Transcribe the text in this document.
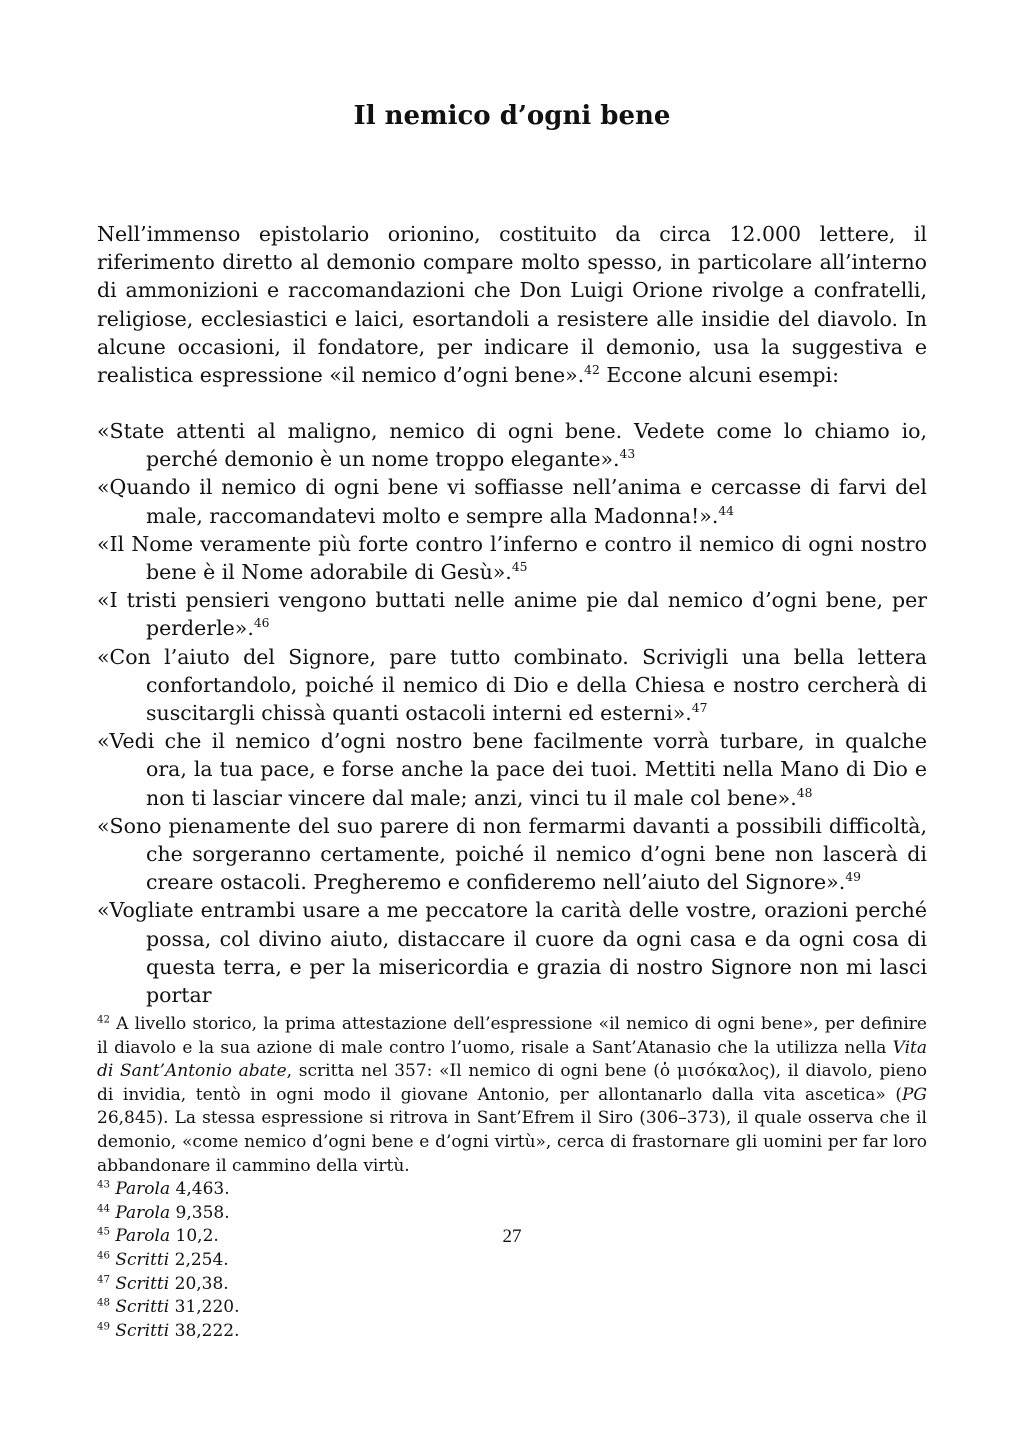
Il nemico d’ogni bene

Nell’immenso epistolario orionino, costituito da circa 12.000 lettere, il riferimento diretto al demonio compare molto spesso, in particolare all’interno di ammonizioni e raccomandazioni che Don Luigi Orione rivolge a confratelli, religiose, ecclesiastici e laici, esortandoli a resistere alle insidie del diavolo. In alcune occasioni, il fondatore, per indicare il demonio, usa la suggestiva e realistica espressione «il nemico d’ogni bene».$^{42}$ Eccone alcuni esempi:

«State attenti al maligno, nemico di ogni bene. Vedete come lo chiamo io, perché demonio è un nome troppo elegante».$^{43}$

«Quando il nemico di ogni bene vi soffiasse nell’anima e cercasse di farvi del male, raccomandatevi molto e sempre alla Madonna!».$^{44}$

«Il Nome veramente più forte contro l’inferno e contro il nemico di ogni nostro bene è il Nome adorabile di Gesù».$^{45}$

«I tristi pensieri vengono buttati nelle anime pie dal nemico d’ogni bene, per perderle».$^{46}$

«Con l’aiuto del Signore, pare tutto combinato. Scrivigli una bella lettera confortandolo, poiché il nemico di Dio e della Chiesa e nostro cercherà di suscitargli chissà quanti ostacoli interni ed esterni».$^{47}$

«Vedi che il nemico d’ogni nostro bene facilmente vorrà turbare, in qualche ora, la tua pace, e forse anche la pace dei tuoi. Mettiti nella Mano di Dio e non ti lasciar vincere dal male; anzi, vinci tu il male col bene».$^{48}$

«Sono pienamente del suo parere di non fermarmi davanti a possibili difficoltà, che sorgeranno certamente, poiché il nemico d’ogni bene non lascerà di creare ostacoli. Pregheremo e confideremo nell’aiuto del Signore».$^{49}$

«Vogliate entrambi usare a me peccatore la carità delle vostre, orazioni perché possa, col divino aiuto, distaccare il cuore da ogni casa e da ogni cosa di questa terra, e per la misericordia e grazia di nostro Signore non mi lasci portar

$^{42}$ A livello storico, la prima attestazione dell’espressione «il nemico di ogni bene», per definire il diavolo e la sua azione di male contro l’uomo, risale a Sant’Atanasio che la utilizza nella Vita di Sant’Antonio abate, scritta nel 357: «Il nemico di ogni bene (ὁ μισόκαλος), il diavolo, pieno di invidia, tentò in ogni modo il giovane Antonio, per allontanarlo dalla vita ascetica» (PG 26,845). La stessa espressione si ritrova in Sant’Efrem il Siro (306–373), il quale osserva che il demonio, «come nemico d’ogni bene e d’ogni virtù», cerca di frastornare gli uomini per far loro abbandonare il cammino della virtù.

$^{43}$ Parola 4,463.

$^{44}$ Parola 9,358.

$^{45}$ Parola 10,2.

$^{46}$ Scritti 2,254.

$^{47}$ Scritti 20,38.

$^{48}$ Scritti 31,220.

$^{49}$ Scritti 38,222.

27
